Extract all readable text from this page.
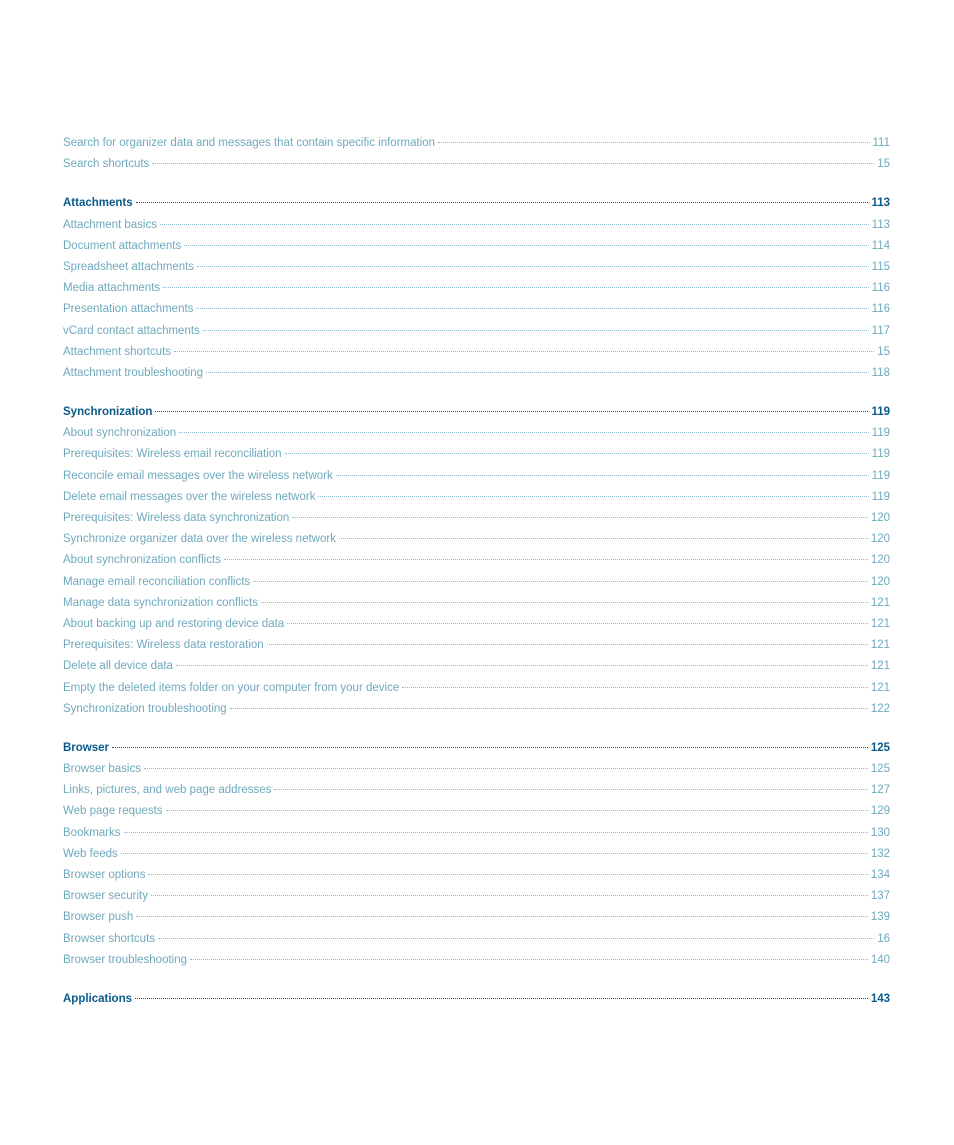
Search for organizer data and messages that contain specific information	111
Search shortcuts	15
Attachments	113
Attachment basics	113
Document attachments	114
Spreadsheet attachments	115
Media attachments	116
Presentation attachments	116
vCard contact attachments	117
Attachment shortcuts	15
Attachment troubleshooting	118
Synchronization	119
About synchronization	119
Prerequisites: Wireless email reconciliation	119
Reconcile email messages over the wireless network	119
Delete email messages over the wireless network	119
Prerequisites: Wireless data synchronization	120
Synchronize organizer data over the wireless network	120
About synchronization conflicts	120
Manage email reconciliation conflicts	120
Manage data synchronization conflicts	121
About backing up and restoring device data	121
Prerequisites: Wireless data restoration	121
Delete all device data	121
Empty the deleted items folder on your computer from your device	121
Synchronization troubleshooting	122
Browser	125
Browser basics	125
Links, pictures, and web page addresses	127
Web page requests	129
Bookmarks	130
Web feeds	132
Browser options	134
Browser security	137
Browser push	139
Browser shortcuts	16
Browser troubleshooting	140
Applications	143
